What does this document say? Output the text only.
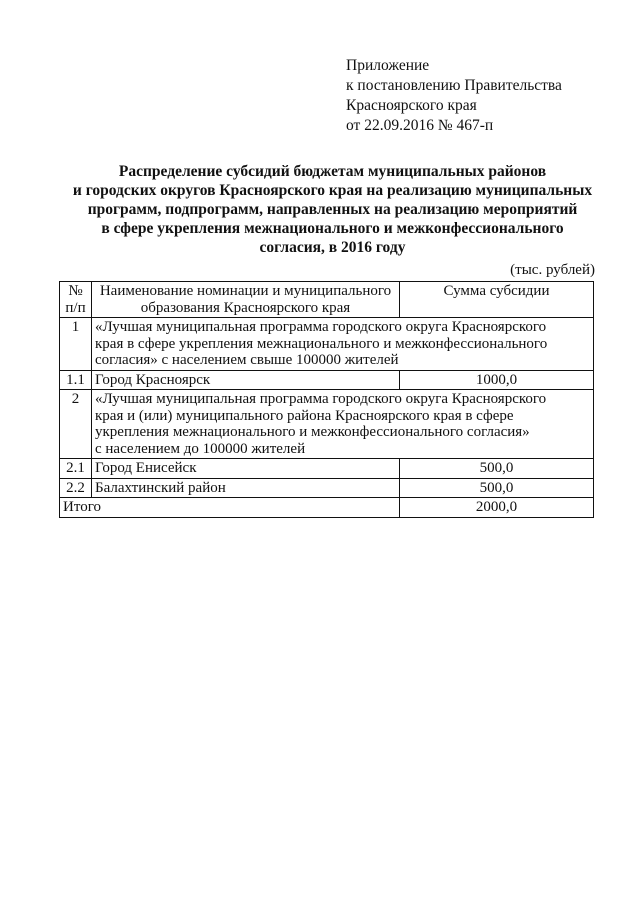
Приложение
к постановлению Правительства
Красноярского края
от 22.09.2016 № 467-п
Распределение субсидий бюджетам муниципальных районов
и городских округов Красноярского края на реализацию муниципальных
программ, подпрограмм, направленных на реализацию мероприятий
в сфере укрепления межнационального и межконфессионального
согласия, в 2016 году
(тыс. рублей)
№
п/п	Наименование номинации и муниципального
образования Красноярского края	Сумма субсидии
1	«Лучшая муниципальная программа городского округа Красноярского
края в сфере укрепления межнационального и межконфессионального
согласия» с населением свыше 100000 жителей	

1.1	Город Красноярск	1000,0
2	«Лучшая муниципальная программа городского округа Красноярского
края и (или) муниципального района Красноярского края в сфере
укрепления межнационального и межконфессионального согласия»
с населением до 100000 жителей	

2.1	Город Енисейск	500,0
2.2	Балахтинский район	500,0
Итого		2000,0
